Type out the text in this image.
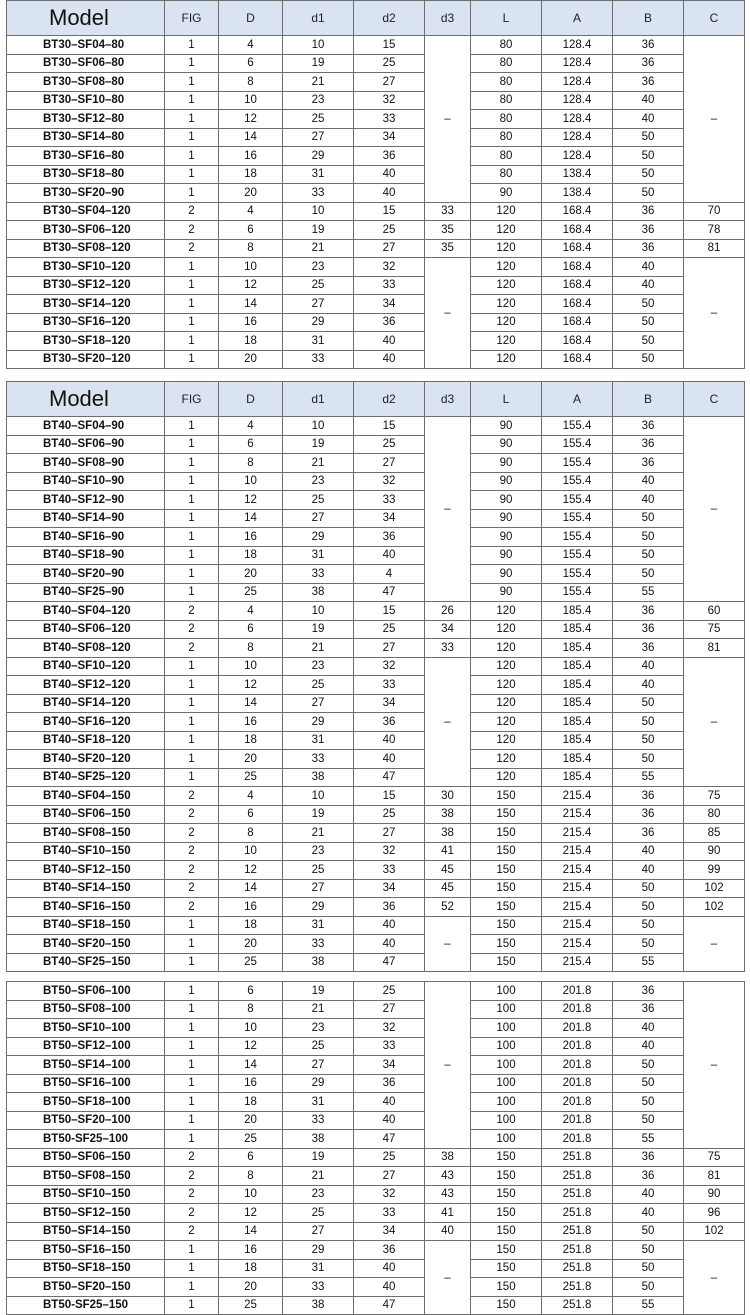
Model	FIG	D	d1	d2	d3	L	A	B	C
BT30–SF04–80	1	4	10	15	–	80	128.4	36	–
BT30–SF06–80	1	6	19	25		80	128.4	36	
BT30–SF08–80	1	8	21	27		80	128.4	36	
BT30–SF10–80	1	10	23	32		80	128.4	40	
BT30–SF12–80	1	12	25	33		80	128.4	40	
BT30–SF14–80	1	14	27	34		80	128.4	50	
BT30–SF16–80	1	16	29	36		80	128.4	50	
BT30–SF18–80	1	18	31	40		80	138.4	50	
BT30–SF20–90	1	20	33	40		90	138.4	50	
BT30–SF04–120	2	4	10	15	33	120	168.4	36	70
BT30–SF06–120	2	6	19	25	35	120	168.4	36	78
BT30–SF08–120	2	8	21	27	35	120	168.4	36	81
BT30–SF10–120	1	10	23	32	–	120	168.4	40	–
BT30–SF12–120	1	12	25	33		120	168.4	40	
BT30–SF14–120	1	14	27	34		120	168.4	50	
BT30–SF16–120	1	16	29	36		120	168.4	50	
BT30–SF18–120	1	18	31	40		120	168.4	50	
BT30–SF20–120	1	20	33	40		120	168.4	50	
Model	FIG	D	d1	d2	d3	L	A	B	C
BT40–SF04–90	1	4	10	15	–	90	155.4	36	–
BT40–SF06–90	1	6	19	25		90	155.4	36	
BT40–SF08–90	1	8	21	27		90	155.4	36	
BT40–SF10–90	1	10	23	32		90	155.4	40	
BT40–SF12–90	1	12	25	33		90	155.4	40	
BT40–SF14–90	1	14	27	34		90	155.4	50	
BT40–SF16–90	1	16	29	36		90	155.4	50	
BT40–SF18–90	1	18	31	40		90	155.4	50	
BT40–SF20–90	1	20	33	4		90	155.4	50	
BT40–SF25–90	1	25	38	47		90	155.4	55	
BT40–SF04–120	2	4	10	15	26	120	185.4	36	60
BT40–SF06–120	2	6	19	25	34	120	185.4	36	75
BT40–SF08–120	2	8	21	27	33	120	185.4	36	81
BT40–SF10–120	1	10	23	32	–	120	185.4	40	–
BT40–SF12–120	1	12	25	33		120	185.4	40	
BT40–SF14–120	1	14	27	34		120	185.4	50	
BT40–SF16–120	1	16	29	36		120	185.4	50	
BT40–SF18–120	1	18	31	40		120	185.4	50	
BT40–SF20–120	1	20	33	40		120	185.4	50	
BT40–SF25–120	1	25	38	47		120	185.4	55	
BT40–SF04–150	2	4	10	15	30	150	215.4	36	75
BT40–SF06–150	2	6	19	25	38	150	215.4	36	80
BT40–SF08–150	2	8	21	27	38	150	215.4	36	85
BT40–SF10–150	2	10	23	32	41	150	215.4	40	90
BT40–SF12–150	2	12	25	33	45	150	215.4	40	99
BT40–SF14–150	2	14	27	34	45	150	215.4	50	102
BT40–SF16–150	2	16	29	36	52	150	215.4	50	102
BT40–SF18–150	1	18	31	40	–	150	215.4	50	–
BT40–SF20–150	1	20	33	40		150	215.4	50	
BT40–SF25–150	1	25	38	47		150	215.4	55	
BT50–SF06–100	1	6	19	25	–	100	201.8	36	–
BT50–SF08–100	1	8	21	27		100	201.8	36	
BT50–SF10–100	1	10	23	32		100	201.8	40	
BT50–SF12–100	1	12	25	33		100	201.8	40	
BT50–SF14–100	1	14	27	34		100	201.8	50	
BT50–SF16–100	1	16	29	36		100	201.8	50	
BT50–SF18–100	1	18	31	40		100	201.8	50	
BT50–SF20–100	1	20	33	40		100	201.8	50	
BT50-SF25–100	1	25	38	47		100	201.8	55	
BT50–SF06–150	2	6	19	25	38	150	251.8	36	75
BT50–SF08–150	2	8	21	27	43	150	251.8	36	81
BT50–SF10–150	2	10	23	32	43	150	251.8	40	90
BT50–SF12–150	2	12	25	33	41	150	251.8	40	96
BT50–SF14–150	2	14	27	34	40	150	251.8	50	102
BT50–SF16–150	1	16	29	36	–	150	251.8	50	–
BT50–SF18–150	1	18	31	40		150	251.8	50	
BT50–SF20–150	1	20	33	40		150	251.8	50	
BT50-SF25–150	1	25	38	47		150	251.8	55	
